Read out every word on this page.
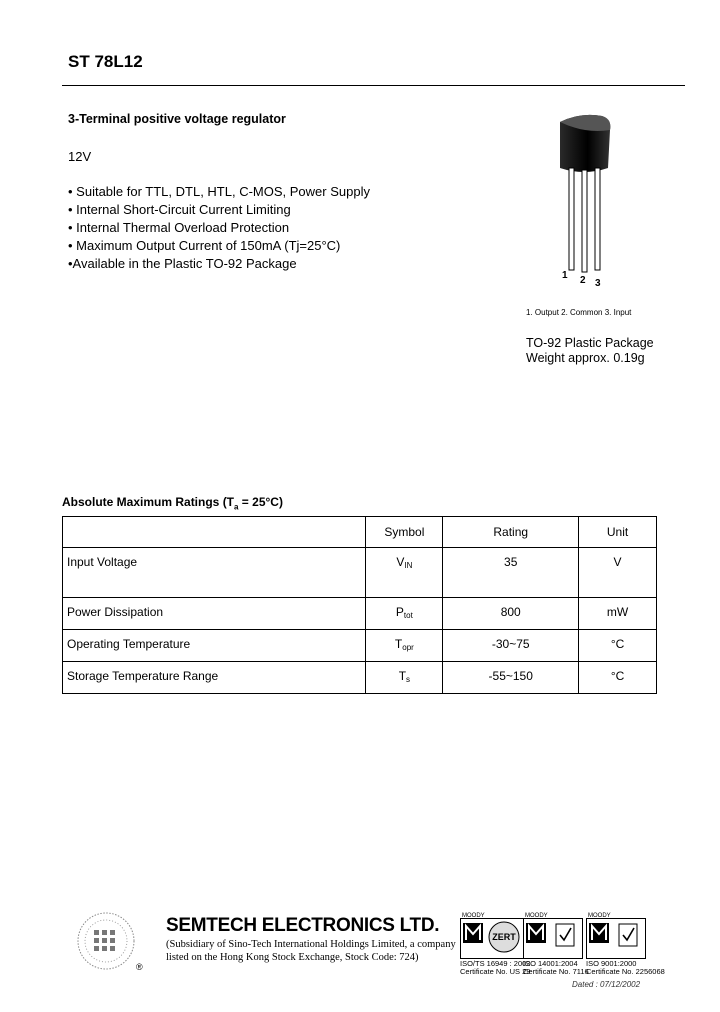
ST 78L12
3-Terminal positive voltage regulator
12V
• Suitable for TTL, DTL, HTL, C-MOS, Power Supply
• Internal Short-Circuit Current Limiting
• Internal Thermal Overload Protection
• Maximum Output Current of 150mA (Tj=25°C)
•Available in the Plastic TO-92 Package
1 2 3
1. Output 2. Common 3. Input
TO-92 Plastic Package
Weight approx. 0.19g
Absolute Maximum Ratings $(T_a = 25^\circ C)$
	Symbol	Rating	Unit
Input Voltage	VIN	35	V
Power Dissipation	Ptot	800	mW
Operating Temperature	Topr	-30~75	°C
Storage Temperature Range	Ts	-55~150	°C
®
SEMTECH ELECTRONICS LTD.
(Subsidiary of Sino-Tech International Holdings Limited, a company
listed on the Hong Kong Stock Exchange, Stock Code: 724)
ZERT
MOODY
ISO/TS 16949 : 2002
Certificate No. US 29
MOODY
ISO 14001:2004
Certificate No. 7116
MOODY
ISO 9001:2000
Certificate No. 2256068
Dated : 07/12/2002
